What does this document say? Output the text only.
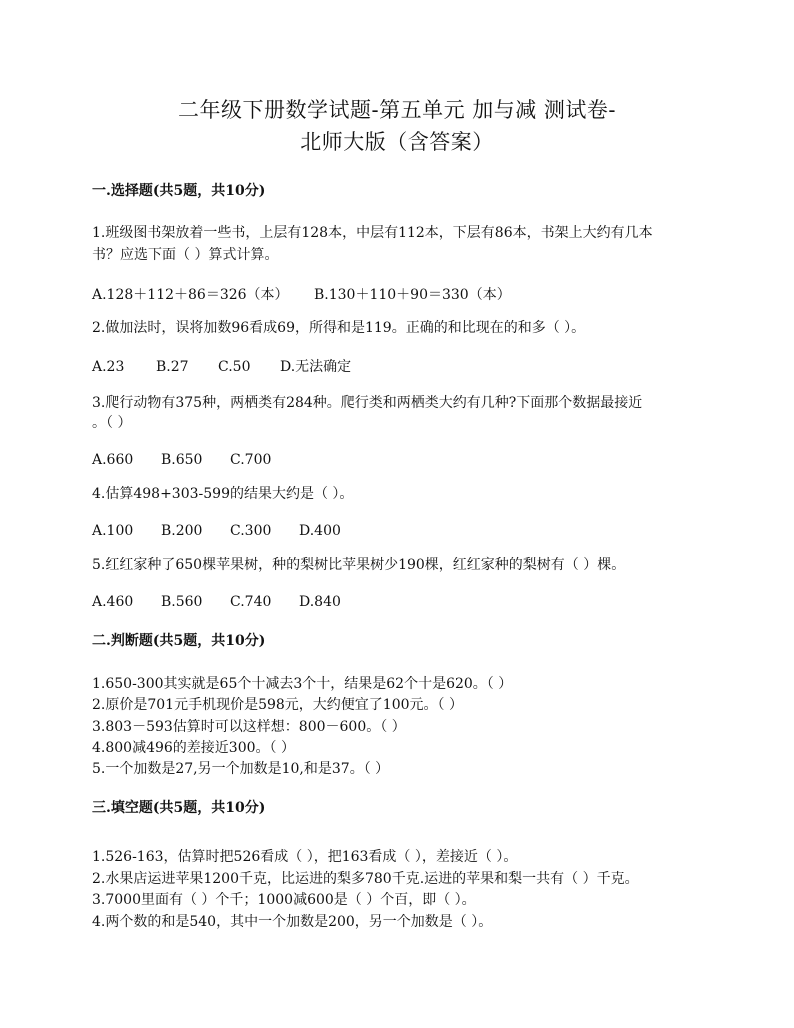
二年级下册数学试题-第五单元 加与减 测试卷-
北师大版（含答案）
一.选择题(共5题，共10分)
1.班级图书架放着一些书，上层有128本，中层有112本，下层有86本，书架上大约有几本
书？应选下面（ ）算式计算。
A.128＋112＋86＝326（本） B.130＋110＋90＝330（本）
2.做加法时，误将加数96看成69，所得和是119。正确的和比现在的和多（ ）。
A.23 B.27 C.50 D.无法确定
3.爬行动物有375种，两栖类有284种。爬行类和两栖类大约有几种?下面那个数据最接近
。（ ）
A.660 B.650 C.700
4.估算498+303-599的结果大约是（ ）。
A.100 B.200 C.300 D.400
5.红红家种了650棵苹果树，种的梨树比苹果树少190棵，红红家种的梨树有（ ）棵。
A.460 B.560 C.740 D.840
二.判断题(共5题，共10分)
1.650-300其实就是65个十减去3个十，结果是62个十是620。（ ）
2.原价是701元手机现价是598元，大约便宜了100元。（ ）
3.803－593估算时可以这样想：800－600。（ ）
4.800减496的差接近300。（ ）
5.一个加数是27,另一个加数是10,和是37。（ ）
三.填空题(共5题，共10分)
1.526-163，估算时把526看成（ ），把163看成（ ），差接近（ ）。
2.水果店运进苹果1200千克，比运进的梨多780千克.运进的苹果和梨一共有（ ）千克。
3.7000里面有（ ）个千；1000减600是（ ）个百，即（ ）。
4.两个数的和是540，其中一个加数是200，另一个加数是（ ）。
